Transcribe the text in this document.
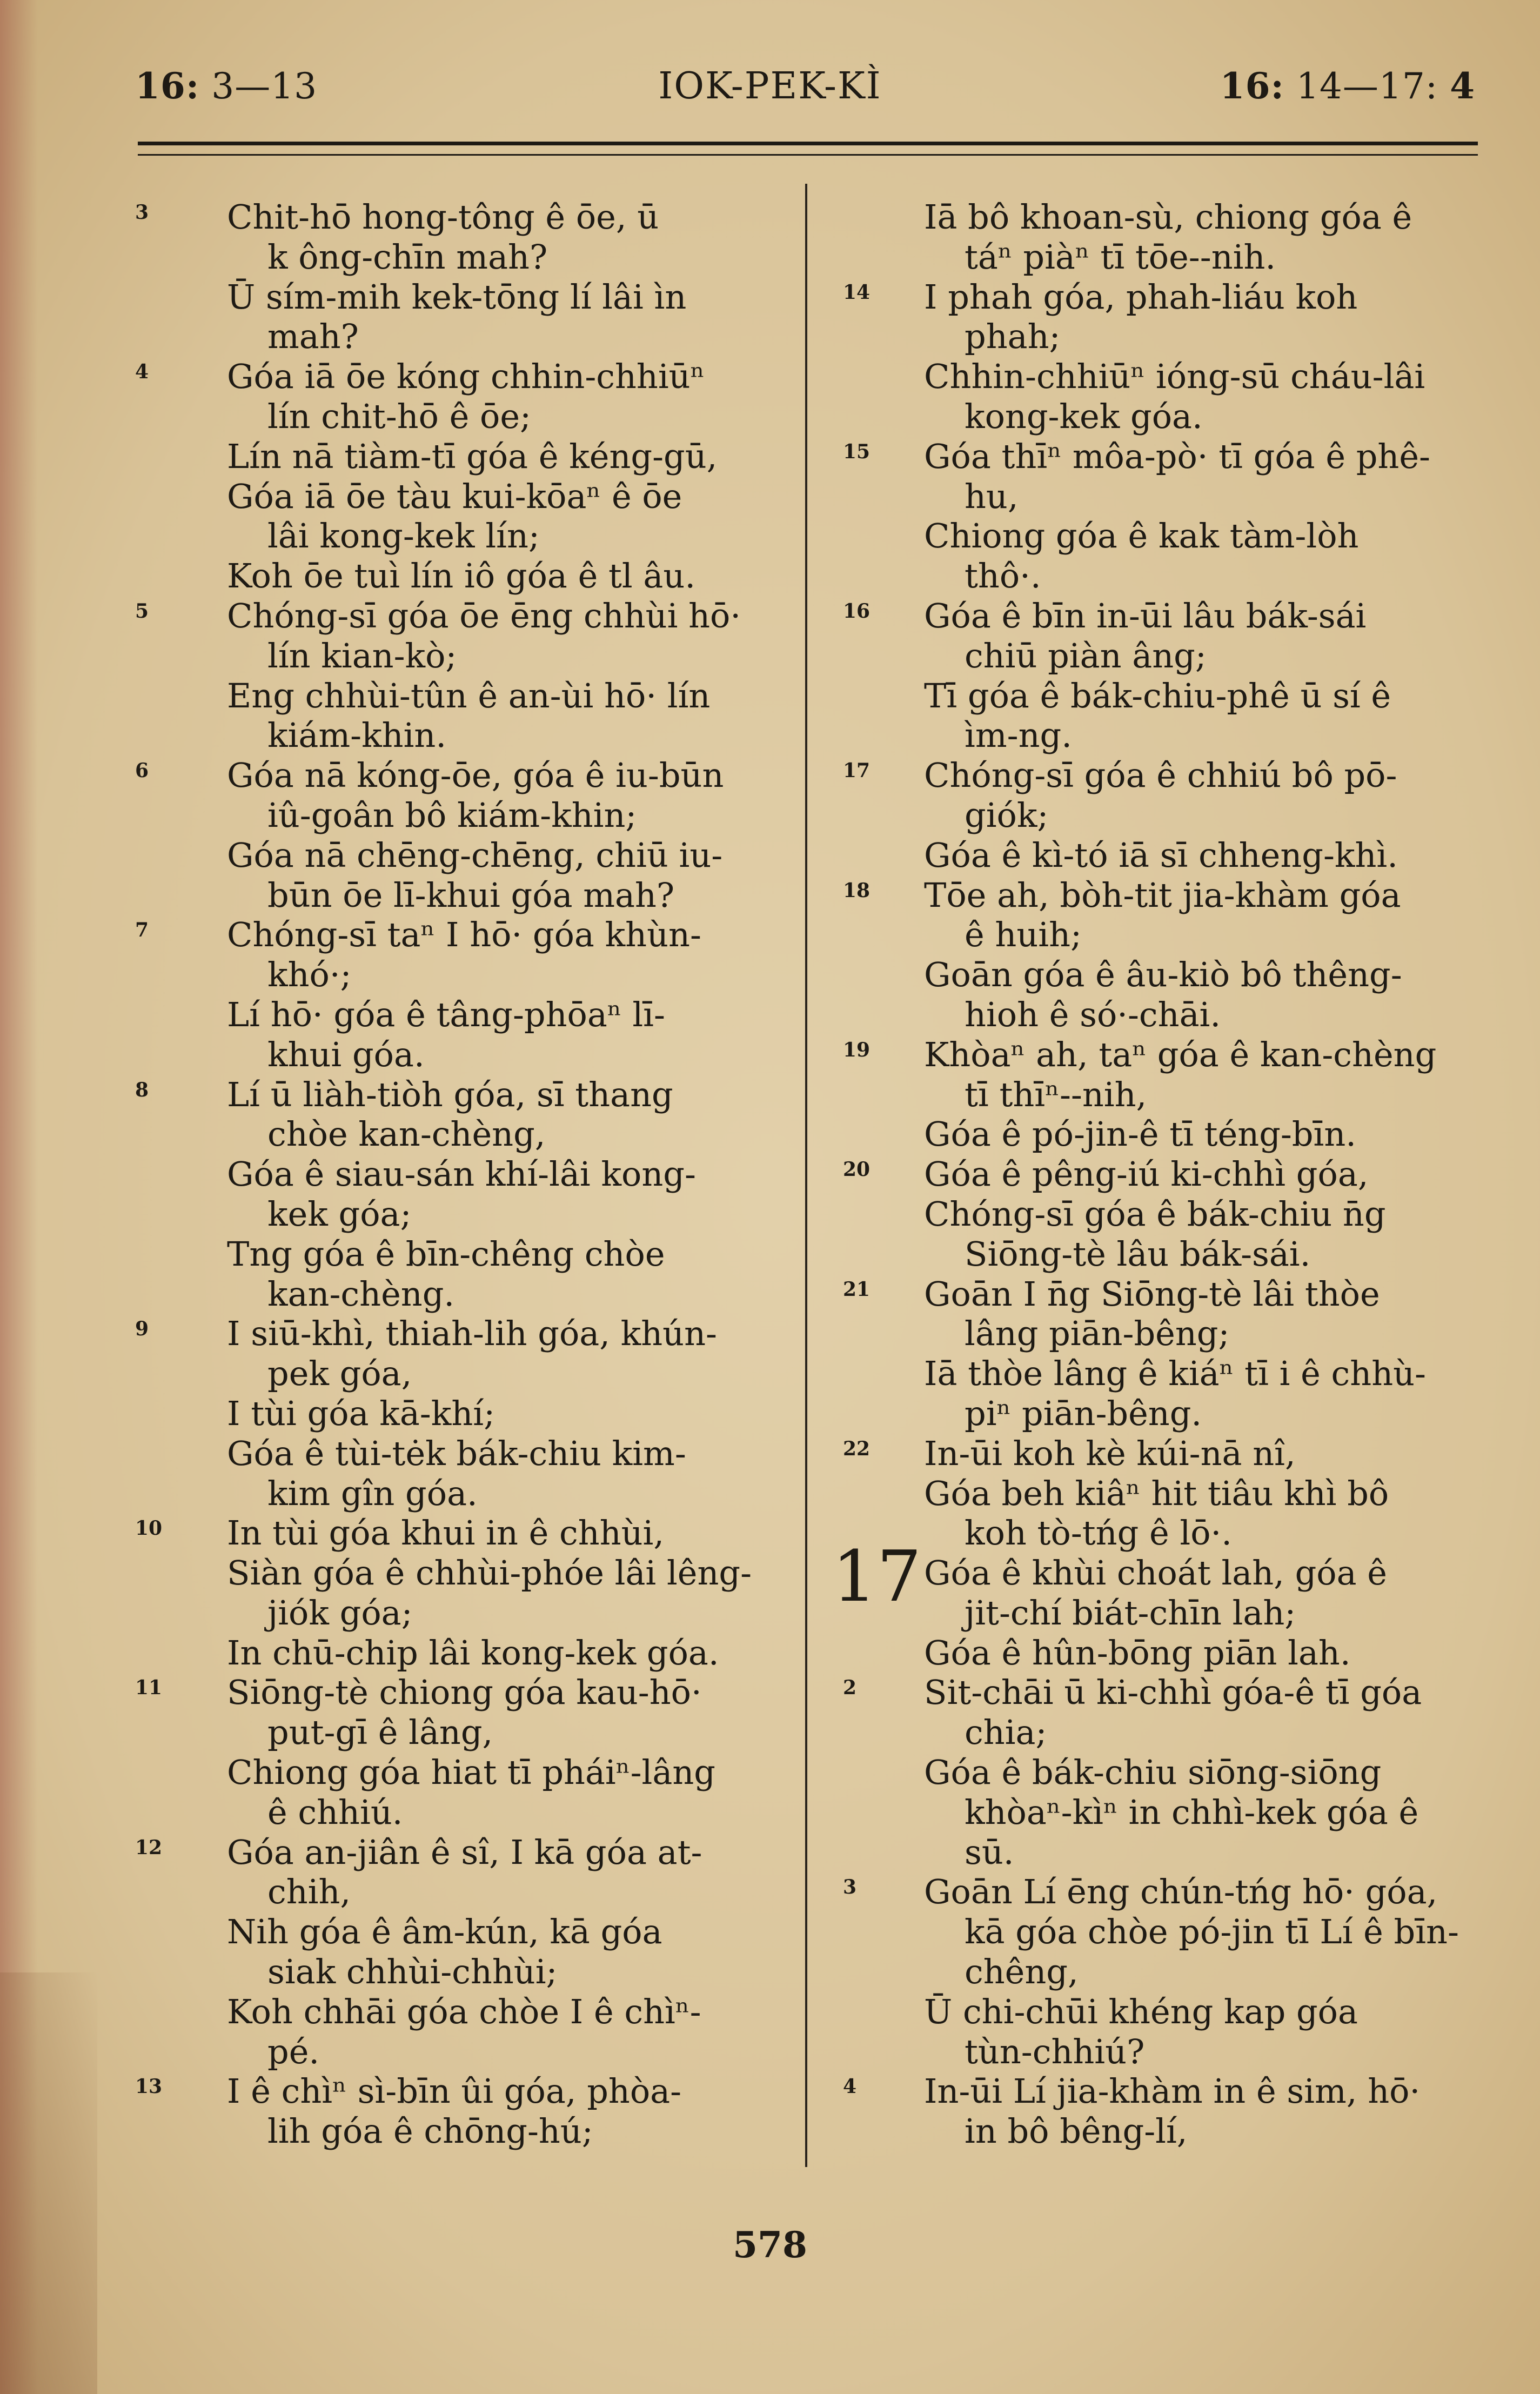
16: 3—13	IOK-PEK-KÌ	16: 14—17: 4
3 Chit-hō hong-tông ê ōe, ū
k ông-chīn mah?
Ū sím-mih kek-tōng lí lâi ìn
mah?
4 Góa iā ōe kóng chhin-chhiūⁿ
lín chit-hō ê ōe;
Lín nā tiàm-tī góa ê kéng-gū,
Góa iā ōe tàu kui-kōaⁿ ê ōe
lâi kong-kek lín;
Koh ōe tuì lín iô góa ê tl âu.
5 Chóng-sī góa ōe ēng chhùi hō·
lín kian-kò;
Eng chhùi-tûn ê an-ùi hō· lín
kiám-khin.
6 Góa nā kóng-ōe, góa ê iu-būn
iû-goân bô kiám-khin;
Góa nā chēng-chēng, chiū iu-
būn ōe lī-khui góa mah?
7 Chóng-sī taⁿ I hō· góa khùn-
khó·;
Lí hō· góa ê tâng-phōaⁿ lī-
khui góa.
8 Lí ū liàh-tiòh góa, sī thang
chòe kan-chèng,
Góa ê siau-sán khí-lâi kong-
kek góa;
Tng góa ê bīn-chêng chòe
kan-chèng.
9 I siū-khì, thiah-lih góa, khún-
pek góa,
I tùi góa kā-khí;
Góa ê tùi-tėk bák-chiu kim-
kim gîn góa.
10 In tùi góa khui in ê chhùi,
Siàn góa ê chhùi-phóe lâi lêng-
jiók góa;
In chū-chip lâi kong-kek góa.
11 Siōng-tè chiong góa kau-hō·
put-gī ê lâng,
Chiong góa hiat tī pháiⁿ-lâng
ê chhiú.
12 Góa an-jiân ê sî, I kā góa at-
chih,
Nih góa ê âm-kún, kā góa
siak chhùi-chhùi;
Koh chhāi góa chòe I ê chìⁿ-
pé.
13 I ê chìⁿ sì-bīn ûi góa, phòa-
lih góa ê chōng-hú;
Iā bô khoan-sù, chiong góa ê
táⁿ piàⁿ tī tōe--nih.
14 I phah góa, phah-liáu koh
phah;
Chhin-chhiūⁿ ióng-sū cháu-lâi
kong-kek góa.
15 Góa thīⁿ môa-pò· tī góa ê phê-
hu,
Chiong góa ê kak tàm-lòh
thô·.
16 Góa ê bīn in-ūi lâu bák-sái
chiū piàn âng;
Tī góa ê bák-chiu-phê ū sí ê
ìm-ng.
17 Chóng-sī góa ê chhiú bô pō-
giók;
Góa ê kì-tó iā sī chheng-khì.
18 Tōe ah, bòh-tit jia-khàm góa
ê huih;
Goān góa ê âu-kiò bô thêng-
hioh ê só·-chāi.
19 Khòaⁿ ah, taⁿ góa ê kan-chèng
tī thīⁿ--nih,
Góa ê pó-jin-ê tī téng-bīn.
20 Góa ê pêng-iú ki-chhì góa,
Chóng-sī góa ê bák-chiu n̄g
Siōng-tè lâu bák-sái.
21 Goān I n̄g Siōng-tè lâi thòe
lâng piān-bêng;
Iā thòe lâng ê kiáⁿ tī i ê chhù-
piⁿ piān-bêng.
22 In-ūi koh kè kúi-nā nî,
Góa beh kiâⁿ hit tiâu khì bô
koh tò-tńg ê lō·.
17 Góa ê khùi choát lah, góa ê
jit-chí biát-chīn lah;
Góa ê hûn-bōng piān lah.
2 Sit-chāi ū ki-chhì góa-ê tī góa
chia;
Góa ê bák-chiu siōng-siōng
khòaⁿ-kìⁿ in chhì-kek góa ê
sū.
3 Goān Lí ēng chún-tńg hō· góa,
kā góa chòe pó-jin tī Lí ê bīn-
chêng,
Ū chi-chūi khéng kap góa
tùn-chhiú?
4 In-ūi Lí jia-khàm in ê sim, hō·
in bô bêng-lí,
578
